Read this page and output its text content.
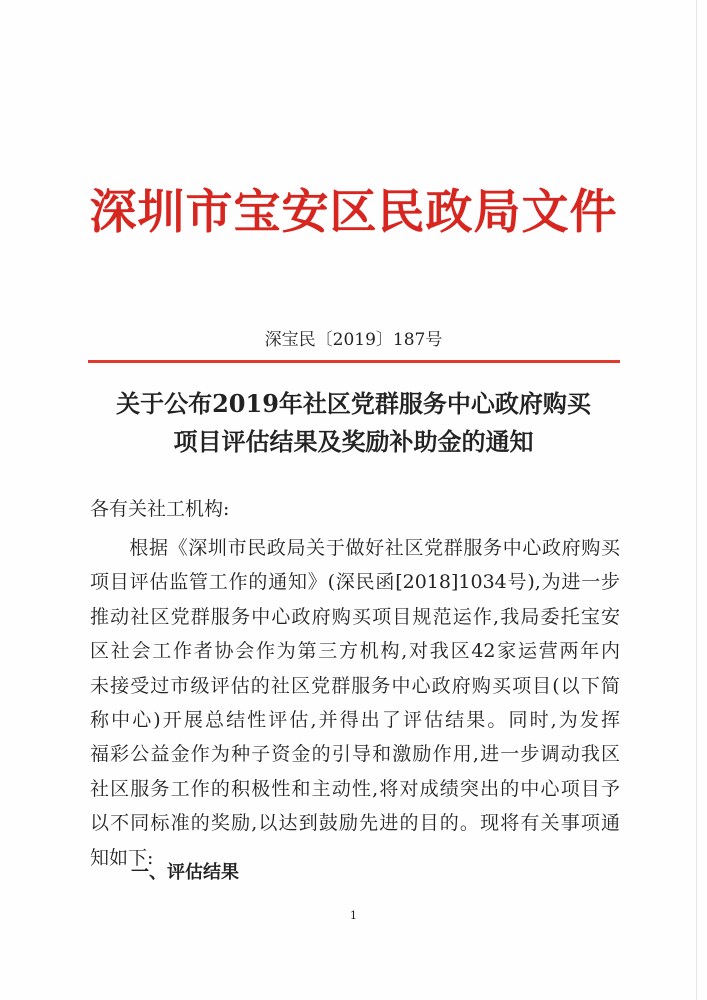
深圳市宝安区民政局文件
深宝民〔2019〕187号
关于公布2019年社区党群服务中心政府购买
项目评估结果及奖励补助金的通知
各有关社工机构:
　　根据《深圳市民政局关于做好社区党群服务中心政府购买
项目评估监管工作的通知》(深民函[2018]1034号),为进一步
推动社区党群服务中心政府购买项目规范运作,我局委托宝安
区社会工作者协会作为第三方机构,对我区42家运营两年内
未接受过市级评估的社区党群服务中心政府购买项目(以下简
称中心)开展总结性评估,并得出了评估结果。同时,为发挥
福彩公益金作为种子资金的引导和激励作用,进一步调动我区
社区服务工作的积极性和主动性,将对成绩突出的中心项目予
以不同标准的奖励,以达到鼓励先进的目的。现将有关事项通
知如下:
一、评估结果
1
